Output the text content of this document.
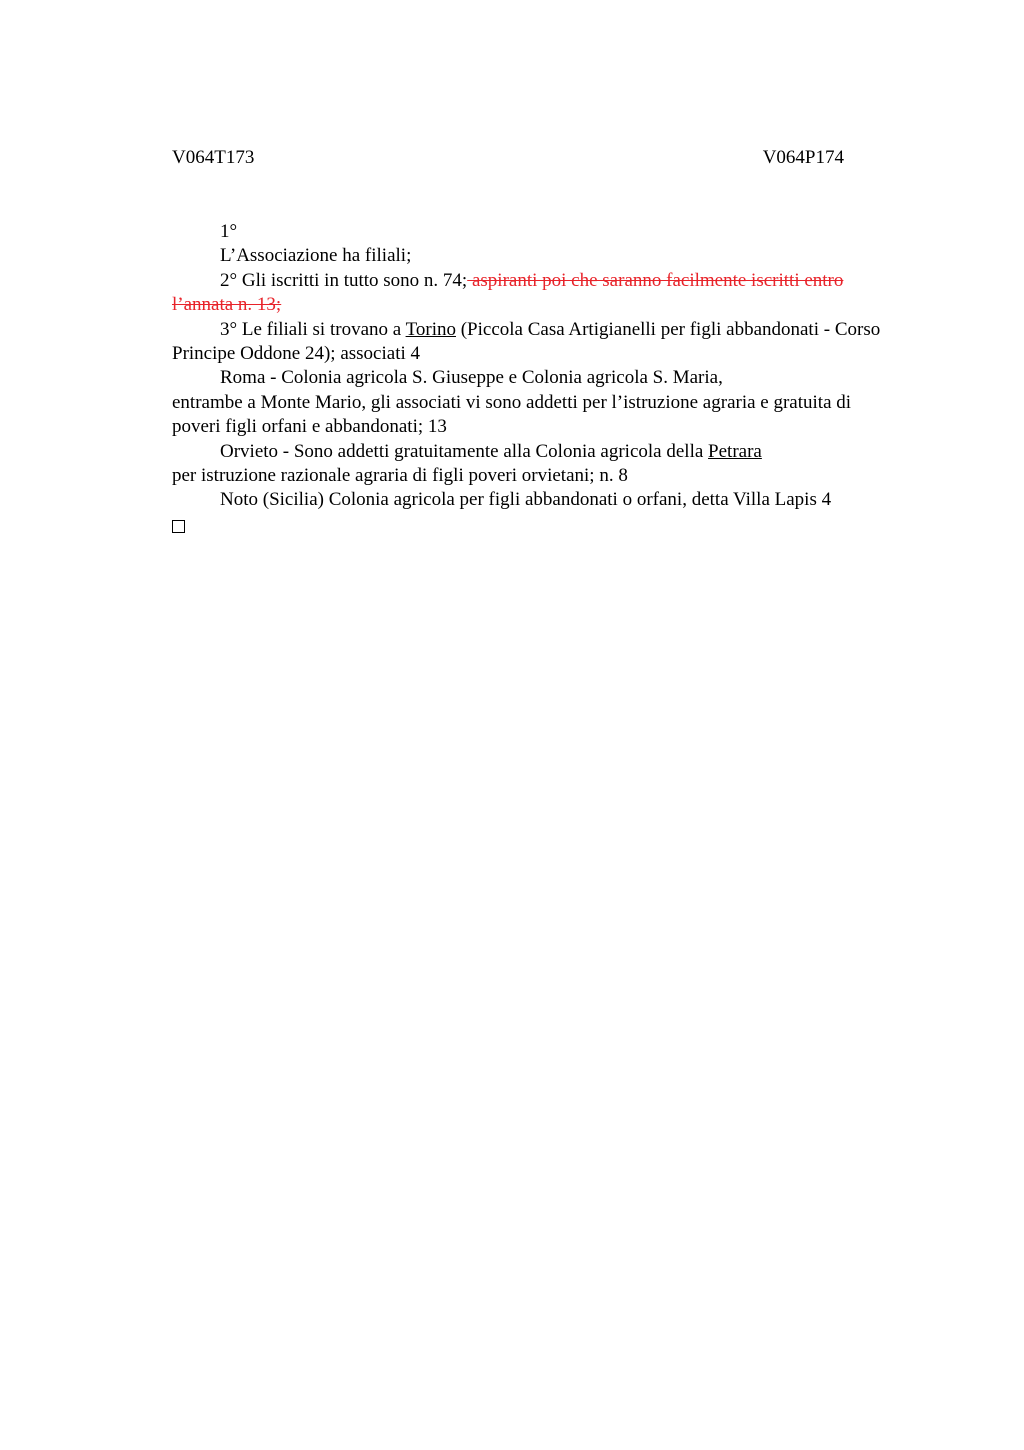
V064T173	V064P174

1°

L’Associazione ha filiali;

2° Gli iscritti in tutto sono n. 74; aspiranti poi che saranno facilmente iscritti entro l’annata n. 13;

3° Le filiali si trovano a Torino (Piccola Casa Artigianelli per figli abbandonati - Corso Principe Oddone 24); associati 4

Roma - Colonia agricola S. Giuseppe e Colonia agricola S. Maria,

entrambe a Monte Mario, gli associati vi sono addetti per l’istruzione agraria e gratuita di poveri figli orfani e abbandonati; 13

Orvieto - Sono addetti gratuitamente alla Colonia agricola della Petrara

per istruzione razionale agraria di figli poveri orvietani; n. 8

Noto (Sicilia) Colonia agricola per figli abbandonati o orfani, detta Villa Lapis 4
